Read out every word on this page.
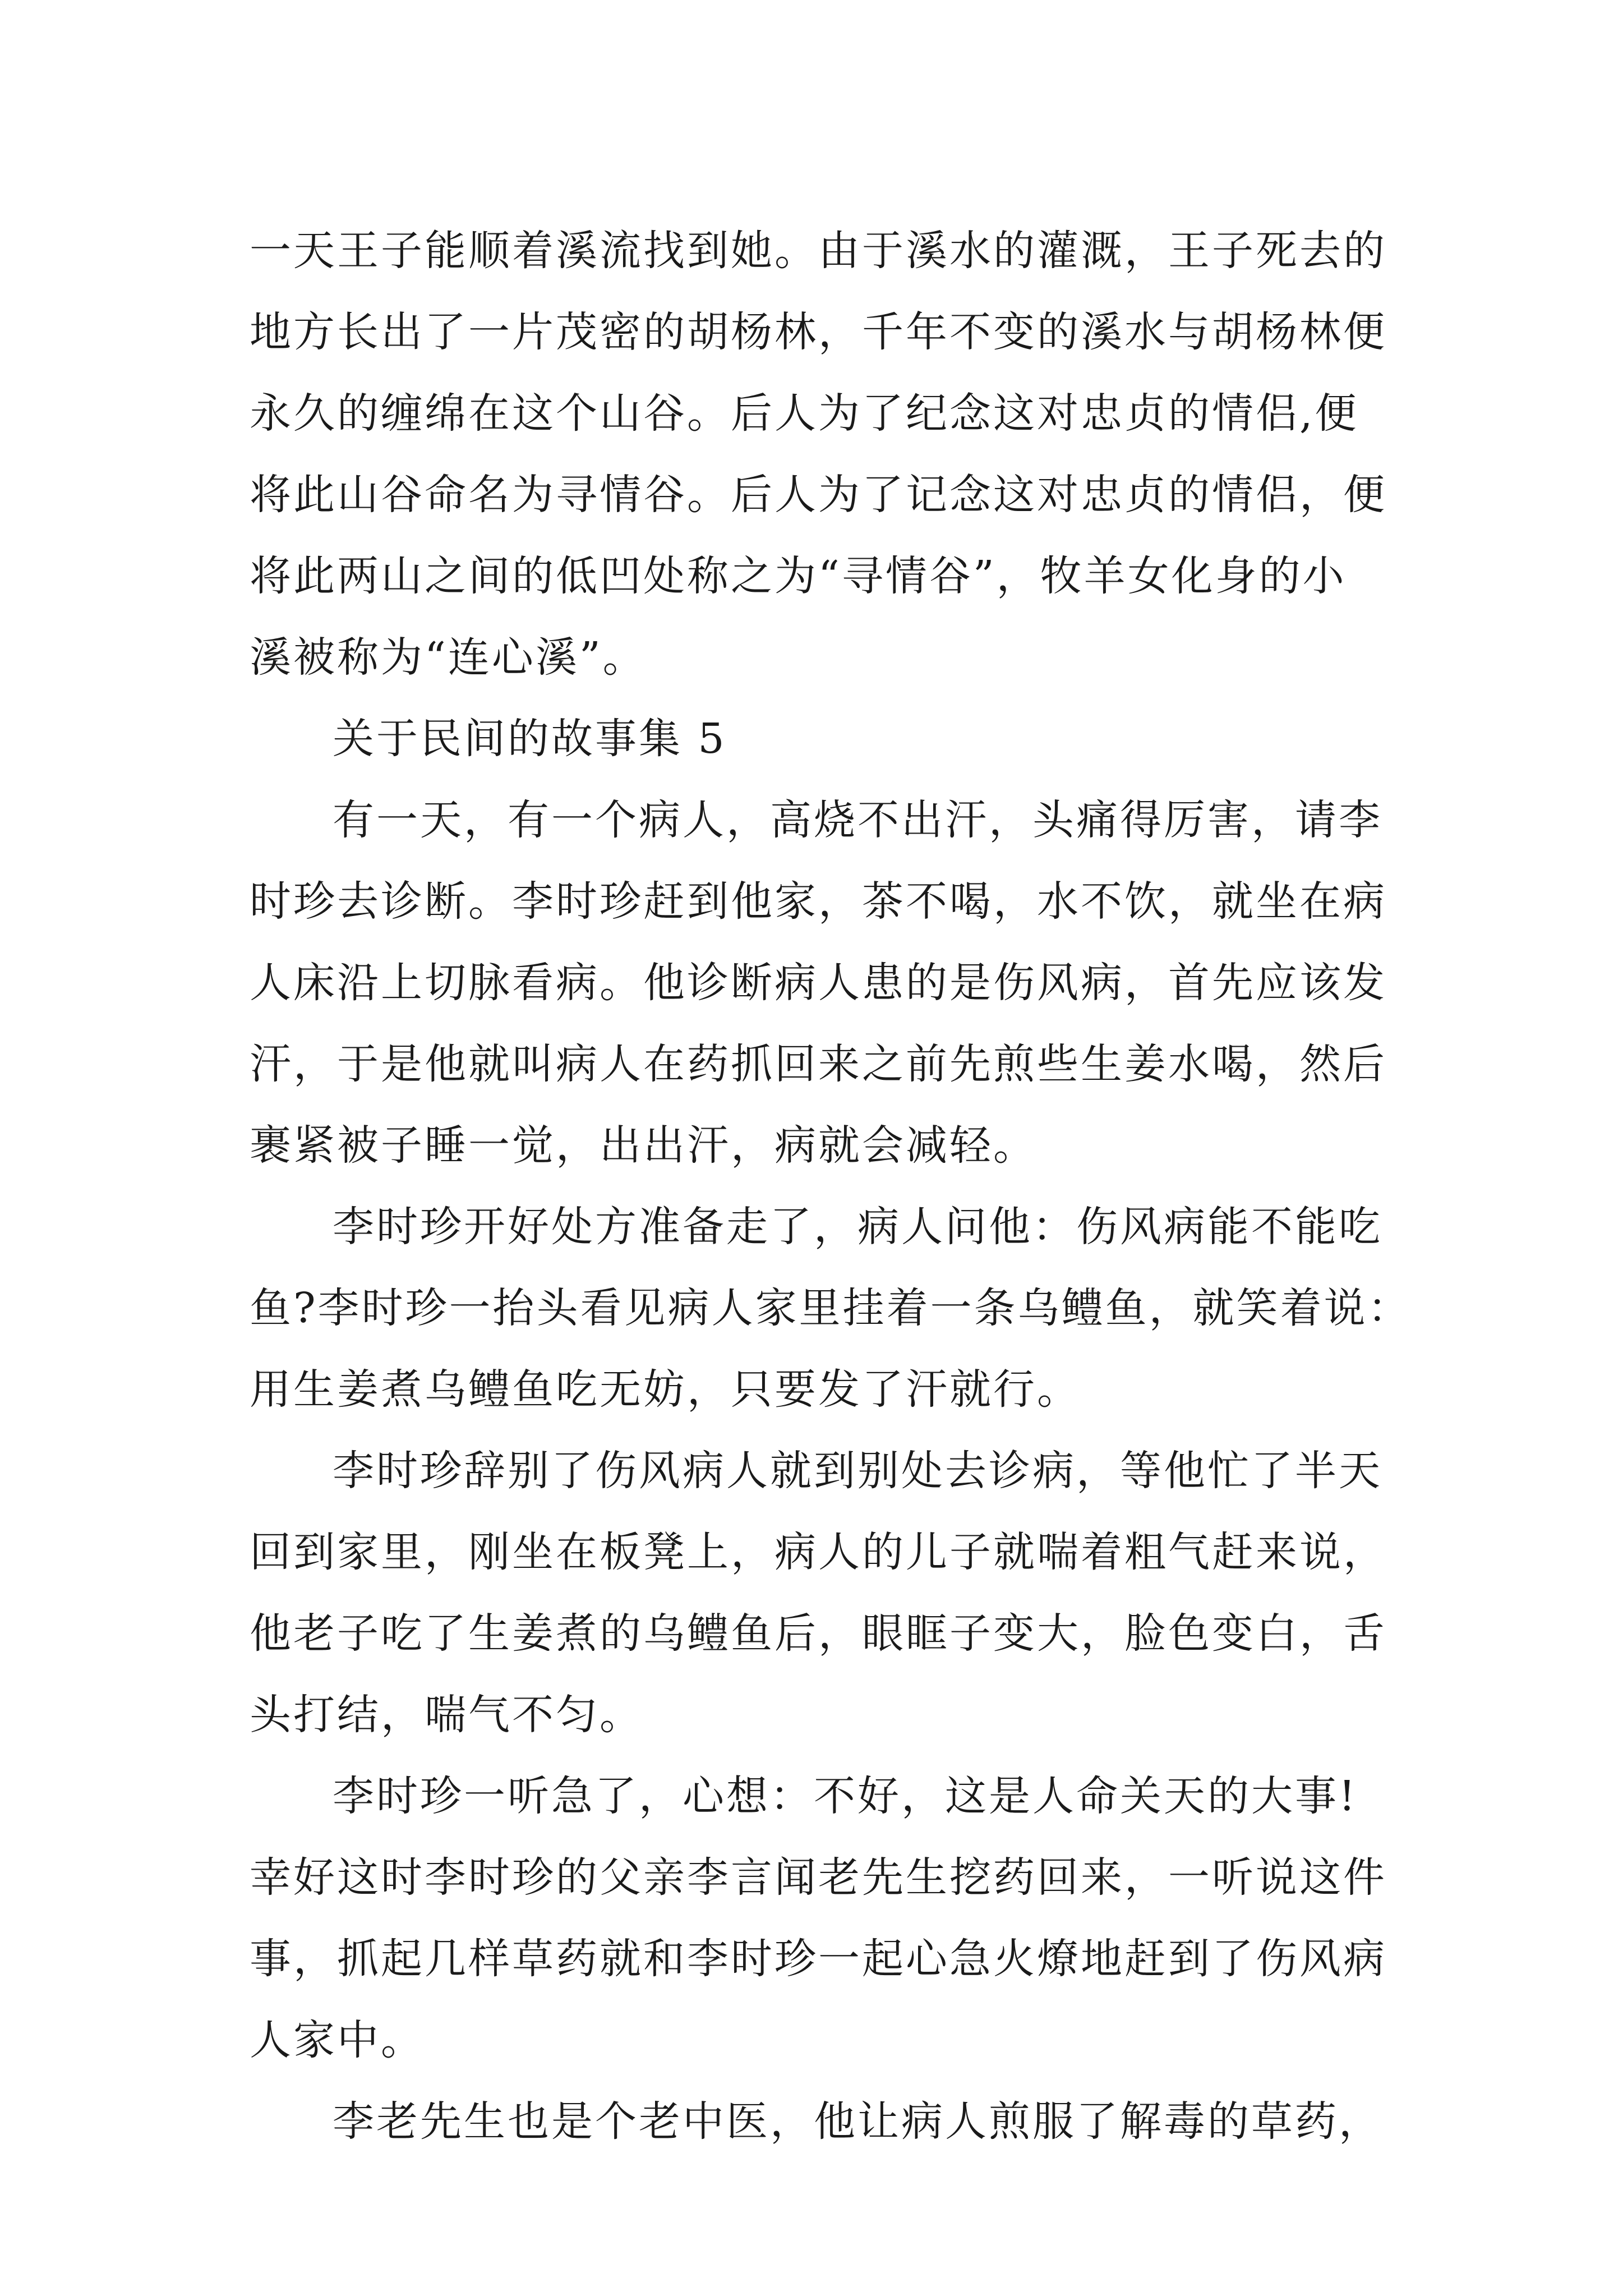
一天王子能顺着溪流找到她。由于溪水的灌溉，王子死去的
地方长出了一片茂密的胡杨林，千年不变的溪水与胡杨林便
永久的缠绵在这个山谷。后人为了纪念这对忠贞的情侣,便
将此山谷命名为寻情谷。后人为了记念这对忠贞的情侣，便
将此两山之间的低凹处称之为“寻情谷”，牧羊女化身的小
溪被称为“连心溪”。
关于民间的故事集 5
有一天，有一个病人，高烧不出汗，头痛得厉害，请李
时珍去诊断。李时珍赶到他家，茶不喝，水不饮，就坐在病
人床沿上切脉看病。他诊断病人患的是伤风病，首先应该发
汗，于是他就叫病人在药抓回来之前先煎些生姜水喝，然后
裹紧被子睡一觉，出出汗，病就会减轻。
李时珍开好处方准备走了，病人问他：伤风病能不能吃
鱼?李时珍一抬头看见病人家里挂着一条乌鳢鱼，就笑着说：
用生姜煮乌鳢鱼吃无妨，只要发了汗就行。
李时珍辞别了伤风病人就到别处去诊病，等他忙了半天
回到家里，刚坐在板凳上，病人的儿子就喘着粗气赶来说，
他老子吃了生姜煮的乌鳢鱼后，眼眶子变大，脸色变白，舌
头打结，喘气不匀。
李时珍一听急了，心想：不好，这是人命关天的大事!
幸好这时李时珍的父亲李言闻老先生挖药回来，一听说这件
事，抓起几样草药就和李时珍一起心急火燎地赶到了伤风病
人家中。
李老先生也是个老中医，他让病人煎服了解毒的草药，
